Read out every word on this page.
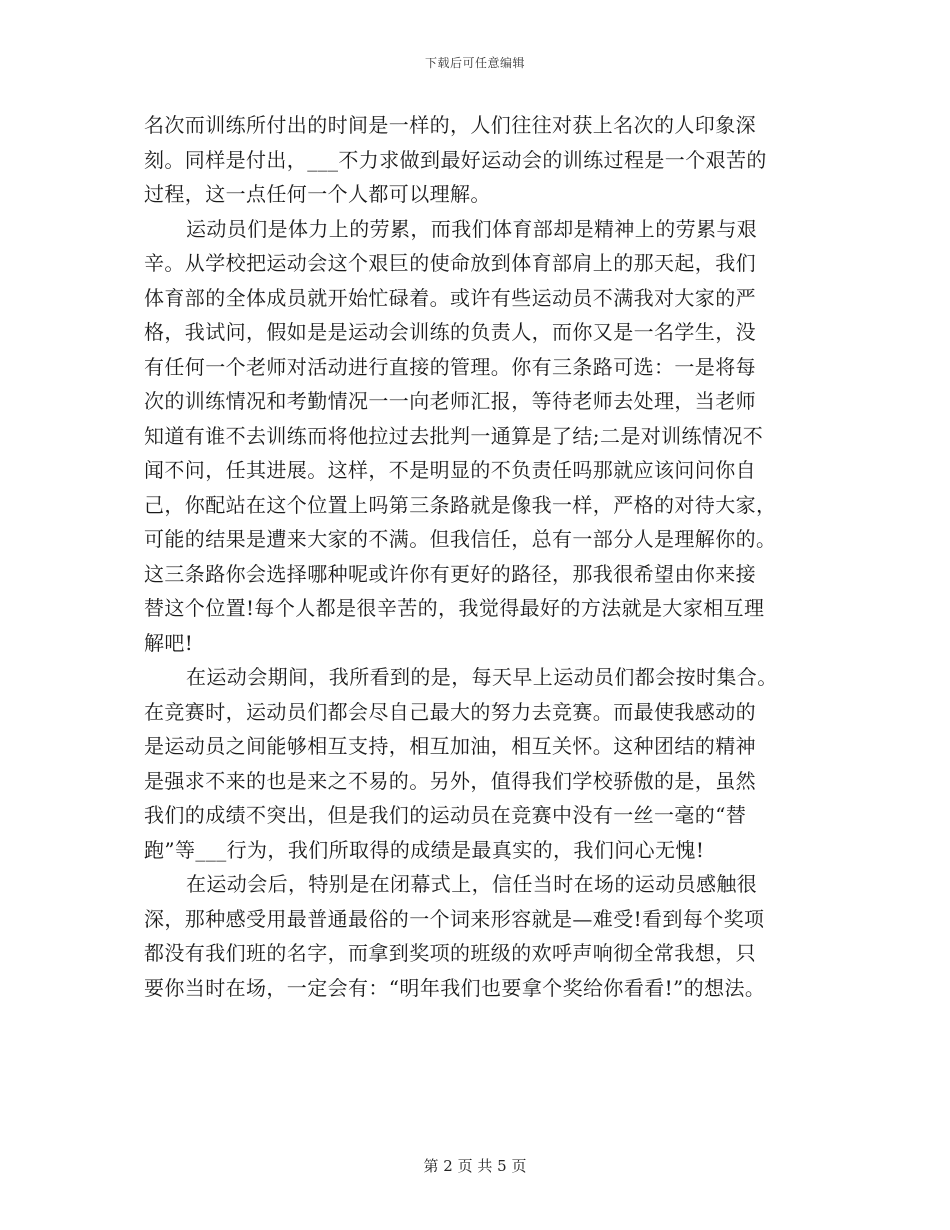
下载后可任意编辑
名次而训练所付出的时间是一样的，人们往往对获上名次的人印象深
刻。同样是付出，___不力求做到最好运动会的训练过程是一个艰苦的
过程，这一点任何一个人都可以理解。
运动员们是体力上的劳累，而我们体育部却是精神上的劳累与艰
辛。从学校把运动会这个艰巨的使命放到体育部肩上的那天起，我们
体育部的全体成员就开始忙碌着。或许有些运动员不满我对大家的严
格，我试问，假如是是运动会训练的负责人，而你又是一名学生，没
有任何一个老师对活动进行直接的管理。你有三条路可选：一是将每
次的训练情况和考勤情况一一向老师汇报，等待老师去处理，当老师
知道有谁不去训练而将他拉过去批判一通算是了结;二是对训练情况不
闻不问，任其进展。这样，不是明显的不负责任吗那就应该问问你自
己，你配站在这个位置上吗第三条路就是像我一样，严格的对待大家，
可能的结果是遭来大家的不满。但我信任，总有一部分人是理解你的。
这三条路你会选择哪种呢或许你有更好的路径，那我很希望由你来接
替这个位置!每个人都是很辛苦的，我觉得最好的方法就是大家相互理
解吧!
在运动会期间，我所看到的是，每天早上运动员们都会按时集合。
在竞赛时，运动员们都会尽自己最大的努力去竞赛。而最使我感动的
是运动员之间能够相互支持，相互加油，相互关怀。这种团结的精神
是强求不来的也是来之不易的。另外，值得我们学校骄傲的是，虽然
我们的成绩不突出，但是我们的运动员在竞赛中没有一丝一毫的“替
跑”等___行为，我们所取得的成绩是最真实的，我们问心无愧!
在运动会后，特别是在闭幕式上，信任当时在场的运动员感触很
深，那种感受用最普通最俗的一个词来形容就是—难受!看到每个奖项
都没有我们班的名字，而拿到奖项的班级的欢呼声响彻全常我想，只
要你当时在场，一定会有：“明年我们也要拿个奖给你看看!”的想法。
第 2 页 共 5 页
